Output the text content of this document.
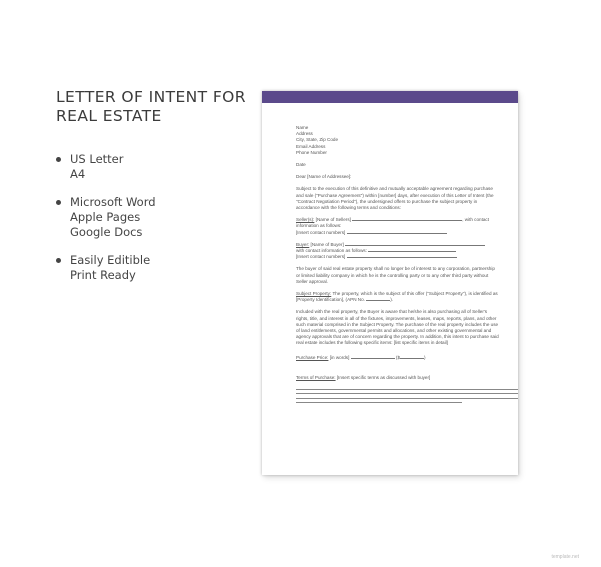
LETTER OF INTENT FOR
REAL ESTATE
US Letter
A4
Microsoft Word
Apple Pages
Google Docs
Easily Editible
Print Ready
Name
Address
City, State, Zip Code
Email Address
Phone Number
Date
Dear [Name of Addressee]:
Subject to the execution of this definitive and mutually acceptable agreement regarding purchase
and sale ("Purchase Agreement") within [number] days, after execution of this Letter of Intent (the
"Contract Negotiation Period"), the undersigned offers to purchase the subject property in
accordance with the following terms and conditions:
Seller(s): [Name of Sellers]	, with contact
information as follows:
[Insert contact numbers]
Buyer: [Name of Buyer]
with contact information as follows:
[Insert contact numbers]
The buyer of said real estate property shall no longer be of interest to any corporation, partnership
or limited liability company in which he is the controlling party or to any other third party without
Seller approval.
Subject Property: The property, which is the subject of this offer ("Subject Property"), is identified as
[Property Identification], (APN No.	).
Included with the real property, the Buyer is aware that he/she is also purchasing all of Seller's
rights, title, and interest in all of the fixtures, improvements, leases, maps, reports, plans, and other
such material comprised in the Subject Property. The purchase of the real property includes the use
of land entitlements, governmental permits and allocations, and other existing governmental and
agency approvals that are of concern regarding the property. In addition, this intent to purchase said
real estate includes the following specific items: [list specific items in detail]
Purchase Price: [in words]	($	)
Terms of Purchase: [Insert specific terms as discussed with buyer]
template.net
